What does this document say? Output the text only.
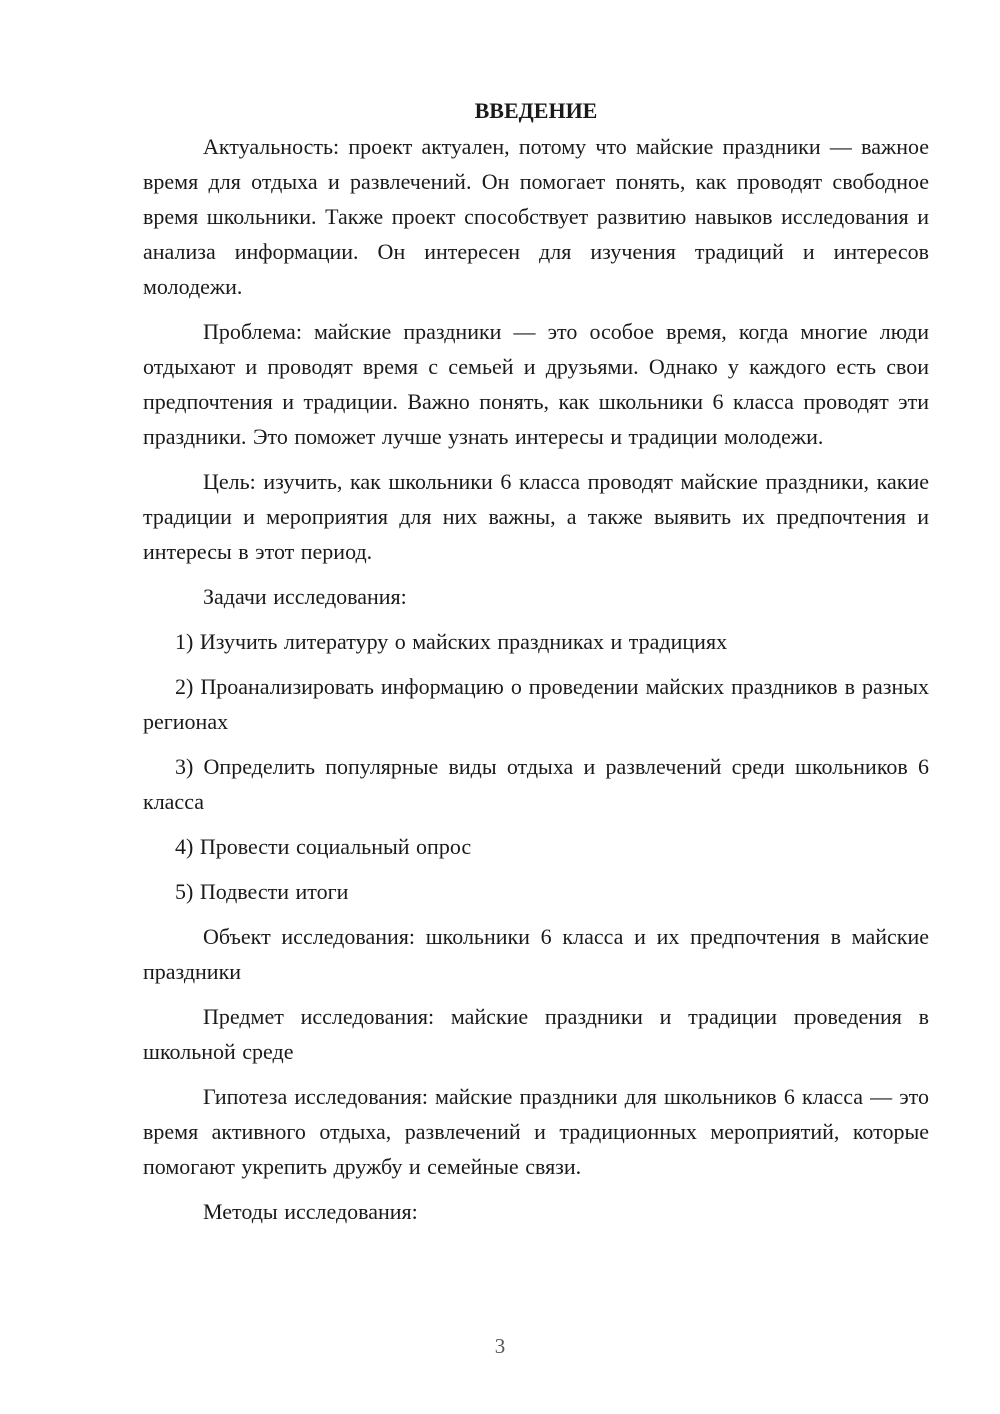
ВВЕДЕНИЕ

Актуальность: проект актуален, потому что майские праздники — важное время для отдыха и развлечений. Он помогает понять, как проводят свободное время школьники. Также проект способствует развитию навыков исследования и анализа информации. Он интересен для изучения традиций и интересов молодежи.

Проблема: майские праздники — это особое время, когда многие люди отдыхают и проводят время с семьей и друзьями. Однако у каждого есть свои предпочтения и традиции. Важно понять, как школьники 6 класса проводят эти праздники. Это поможет лучше узнать интересы и традиции молодежи.

Цель: изучить, как школьники 6 класса проводят майские праздники, какие традиции и мероприятия для них важны, а также выявить их предпочтения и интересы в этот период.

Задачи исследования:

1) Изучить литературу о майских праздниках и традициях

2) Проанализировать информацию о проведении майских праздников в разных регионах

3) Определить популярные виды отдыха и развлечений среди школьников 6 класса

4) Провести социальный опрос

5) Подвести итоги

Объект исследования: школьники 6 класса и их предпочтения в майские праздники

Предмет исследования: майские праздники и традиции проведения в школьной среде

Гипотеза исследования: майские праздники для школьников 6 класса — это время активного отдыха, развлечений и традиционных мероприятий, которые помогают укрепить дружбу и семейные связи.

Методы исследования:

3
